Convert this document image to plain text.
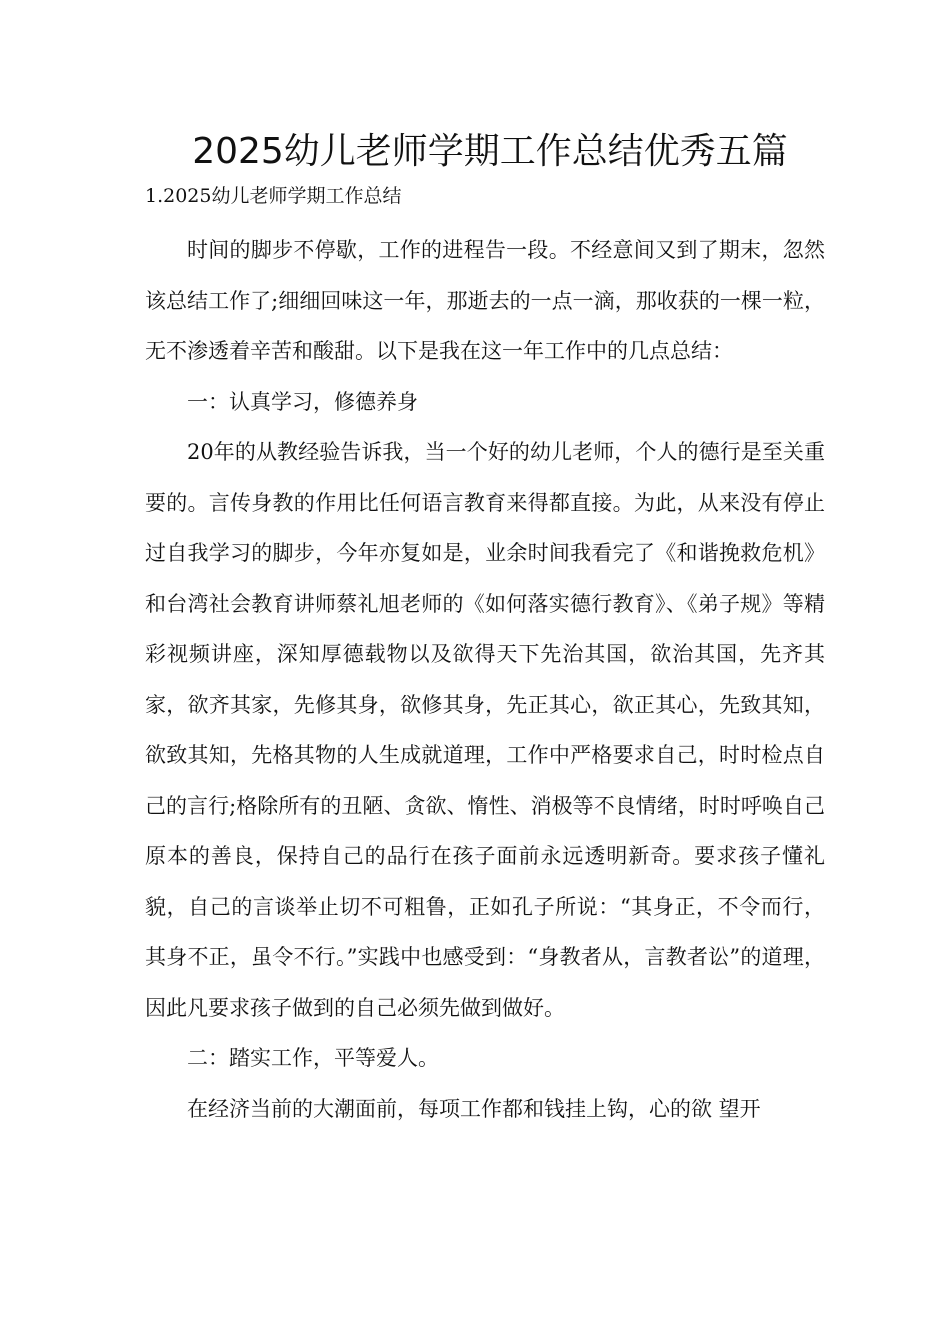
2025幼儿老师学期工作总结优秀五篇

1.2025幼儿老师学期工作总结

时间的脚步不停歇，工作的进程告一段。不经意间又到了期末，忽然该总结工作了;细细回味这一年，那逝去的一点一滴，那收获的一棵一粒，无不渗透着辛苦和酸甜。以下是我在这一年工作中的几点总结：

一：认真学习，修德养身

20年的从教经验告诉我，当一个好的幼儿老师，个人的德行是至关重要的。言传身教的作用比任何语言教育来得都直接。为此，从来没有停止过自我学习的脚步，今年亦复如是，业余时间我看完了《和谐挽救危机》和台湾社会教育讲师蔡礼旭老师的《如何落实德行教育》、《弟子规》等精彩视频讲座，深知厚德载物以及欲得天下先治其国，欲治其国，先齐其家，欲齐其家，先修其身，欲修其身，先正其心，欲正其心，先致其知，欲致其知，先格其物的人生成就道理，工作中严格要求自己，时时检点自己的言行;格除所有的丑陋、贪欲、惰性、消极等不良情绪，时时呼唤自己原本的善良，保持自己的品行在孩子面前永远透明新奇。要求孩子懂礼貌，自己的言谈举止切不可粗鲁，正如孔子所说：“其身正，不令而行，其身不正，虽令不行。”实践中也感受到：“身教者从，言教者讼”的道理，因此凡要求孩子做到的自己必须先做到做好。

二：踏实工作，平等爱人。

在经济当前的大潮面前，每项工作都和钱挂上钩，心的欲 望开
